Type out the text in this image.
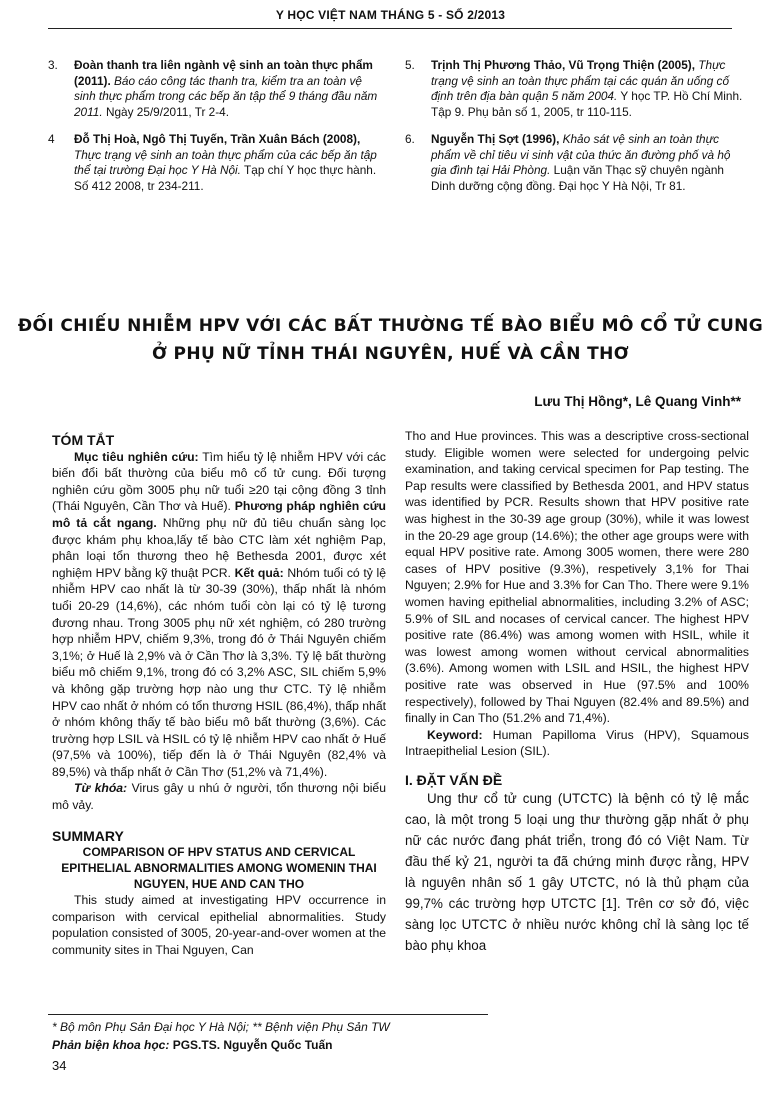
Y HỌC VIỆT NAM THÁNG 5 - SỐ 2/2013
3. Đoàn thanh tra liên ngành vệ sinh an toàn thực phẩm (2011). Báo cáo công tác thanh tra, kiểm tra an toàn vệ sinh thực phẩm trong các bếp ăn tập thể 9 tháng đầu năm 2011. Ngày 25/9/2011, Tr 2-4.
4 Đỗ Thị Hoà, Ngô Thị Tuyến, Trần Xuân Bách (2008), Thực trạng vệ sinh an toàn thực phẩm của các bếp ăn tập thể tại trường Đại học Y Hà Nội. Tạp chí Y học thực hành. Số 412 2008, tr 234-211.
5. Trịnh Thị Phương Thảo, Vũ Trọng Thiện (2005), Thực trạng vệ sinh an toàn thực phẩm tại các quán ăn uống cố định trên địa bàn quận 5 năm 2004. Y học TP. Hồ Chí Minh. Tập 9. Phụ bản số 1, 2005, tr 110-115.
6. Nguyễn Thị Sợt (1996), Khảo sát vệ sinh an toàn thực phẩm về chỉ tiêu vi sinh vật của thức ăn đường phố và hộ gia đình tại Hải Phòng. Luận văn Thạc sỹ chuyên ngành Dinh dưỡng cộng đồng. Đại học Y Hà Nội, Tr 81.
ĐỐI CHIẾU NHIỄM HPV VỚI CÁC BẤT THƯỜNG TẾ BÀO BIỂU MÔ CỔ TỬ CUNG
Ở PHỤ NỮ TỈNH THÁI NGUYÊN, HUẾ VÀ CẦN THƠ
Lưu Thị Hồng*, Lê Quang Vinh**
TÓM TẮT
Mục tiêu nghiên cứu: Tìm hiểu tỷ lệ nhiễm HPV với các biến đổi bất thường của biểu mô cổ tử cung. Đối tượng nghiên cứu gồm 3005 phụ nữ tuổi ≥20 tại cộng đồng 3 tỉnh (Thái Nguyên, Cần Thơ và Huế). Phương pháp nghiên cứu mô tả cắt ngang. Những phụ nữ đủ tiêu chuẩn sàng lọc được khám phụ khoa,lấy tế bào CTC làm xét nghiệm Pap, phân loại tổn thương theo hệ Bethesda 2001, được xét nghiệm HPV bằng kỹ thuật PCR. Kết quả: Nhóm tuổi có tỷ lệ nhiễm HPV cao nhất là từ 30-39 (30%), thấp nhất là nhóm tuổi 20-29 (14,6%), các nhóm tuổi còn lại có tỷ lệ tương đương nhau. Trong 3005 phụ nữ xét nghiệm, có 280 trường hợp nhiễm HPV, chiếm 9,3%, trong đó ở Thái Nguyên chiếm 3,1%; ở Huế là 2,9% và ở Cần Thơ là 3,3%. Tỷ lệ bất thường biểu mô chiếm 9,1%, trong đó có 3,2% ASC, SIL chiếm 5,9% và không gặp trường hợp nào ung thư CTC. Tỷ lệ nhiễm HPV cao nhất ở nhóm có tổn thương HSIL (86,4%), thấp nhất ở nhóm không thấy tế bào biểu mô bất thường (3,6%). Các trường hợp LSIL và HSIL có tỷ lệ nhiễm HPV cao nhất ở Huế (97,5% và 100%), tiếp đến là ở Thái Nguyên (82,4% và 89,5%) và thấp nhất ở Cần Thơ (51,2% và 71,4%).
Từ khóa: Virus gây u nhú ở người, tổn thương nội biểu mô vảy.
SUMMARY
COMPARISON OF HPV STATUS AND CERVICAL EPITHELIAL ABNORMALITIES AMONG WOMENIN THAI NGUYEN, HUE AND CAN THO
This study aimed at investigating HPV occurrence in comparison with cervical epithelial abnormalities. Study population consisted of 3005, 20-year-and-over women at the community sites in Thai Nguyen, Can
Tho and Hue provinces. This was a descriptive cross-sectional study. Eligible women were selected for undergoing pelvic examination, and taking cervical specimen for Pap testing. The Pap results were classified by Bethesda 2001, and HPV status was identified by PCR. Results shown that HPV positive rate was highest in the 30-39 age group (30%), while it was lowest in the 20-29 age group (14.6%); the other age groups were with equal HPV positive rate. Among 3005 women, there were 280 cases of HPV positive (9.3%), respetively 3,1% for Thai Nguyen; 2.9% for Hue and 3.3% for Can Tho. There were 9.1% women having epithelial abnormalities, including 3.2% of ASC; 5.9% of SIL and nocases of cervical cancer. The highest HPV positive rate (86.4%) was among women with HSIL, while it was lowest among women without cervical abnormalities (3.6%). Among women with LSIL and HSIL, the highest HPV positive rate was observed in Hue (97.5% and 100% respectively), followed by Thai Nguyen (82.4% and 89.5%) and finally in Can Tho (51.2% and 71,4%).
Keyword: Human Papilloma Virus (HPV), Squamous Intraepithelial Lesion (SIL).
I. ĐẶT VẤN ĐỀ
Ung thư cổ tử cung (UTCTC) là bệnh có tỷ lệ mắc cao, là một trong 5 loại ung thư thường gặp nhất ở phụ nữ các nước đang phát triển, trong đó có Việt Nam. Từ đầu thế kỷ 21, người ta đã chứng minh được rằng, HPV là nguyên nhân số 1 gây UTCTC, nó là thủ phạm của 99,7% các trường hợp UTCTC [1]. Trên cơ sở đó, việc sàng lọc UTCTC ở nhiều nước không chỉ là sàng lọc tế bào phụ khoa
* Bộ môn Phụ Sản Đại học Y Hà Nội; ** Bệnh viện Phụ Sản TW
Phản biện khoa học: PGS.TS. Nguyễn Quốc Tuấn
34
